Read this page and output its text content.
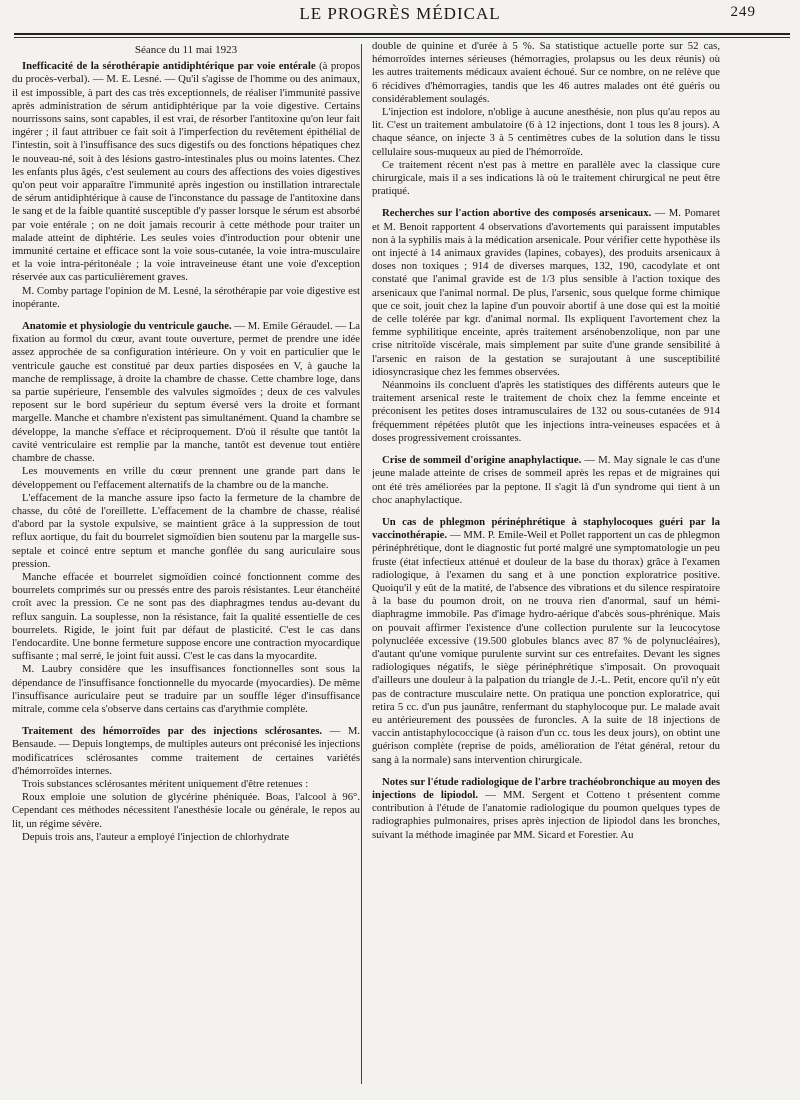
LE PROGRÈS MÉDICAL	249
Séance du 11 mai 1923

Inefficacité de la sérothérapie antidiphtérique par voie entérale (à propos du procès-verbal). — M. E. Lesné. — Qu'il s'agisse de l'homme ou des animaux, il est impossible, à part des cas très exceptionnels, de réaliser l'immunité passive après administration de sérum antidiphtérique par la voie digestive. Certains nourrissons sains, sont capables, il est vrai, de résorber l'antitoxine qu'on leur fait ingérer ; il faut attribuer ce fait soit à l'imperfection du revêtement épithélial de l'intestin, soit à l'insuffisance des sucs digestifs ou des fonctions hépatiques chez le nouveau-né, soit à des lésions gastro-intestinales plus ou moins latentes. Chez les enfants plus âgés, c'est seulement au cours des affections des voies digestives qu'on peut voir apparaître l'immunité après ingestion ou instillation intrarectale de sérum antidiphtérique à cause de l'inconstance du passage de l'antitoxine dans le sang et de la faible quantité susceptible d'y passer lorsque le sérum est absorbé par voie entérale ; on ne doit jamais recourir à cette méthode pour traiter un malade atteint de diphtérie. Les seules voies d'introduction pour obtenir une immunité certaine et efficace sont la voie sous-cutanée, la voie intra-musculaire et la voie intra-péritonéale ; la voie intraveineuse étant une voie d'exception réservée aux cas particulièrement graves.

M. Comby partage l'opinion de M. Lesné, la sérothérapie par voie digestive est inopérante.

Anatomie et physiologie du ventricule gauche. — M. Emile Géraudel. — La fixation au formol du cœur, avant toute ouverture, permet de prendre une idée assez approchée de sa configuration intérieure. On y voit en particulier que le ventricule gauche est constitué par deux parties disposées en V, à gauche la manche de remplissage, à droite la chambre de chasse. Cette chambre loge, dans sa partie supérieure, l'ensemble des valvules sigmoïdes ; deux de ces valvules reposent sur le bord supérieur du septum éversé vers la droite et formant margelle. Manche et chambre n'existent pas simultanément. Quand la chambre se développe, la manche s'efface et réciproquement. D'où il résulte que tantôt la cavité ventriculaire est remplie par la manche, tantôt est devenue tout entière chambre de chasse.

Les mouvements en vrille du cœur prennent une grande part dans le développement ou l'effacement alternatifs de la chambre ou de la manche.

L'effacement de la manche assure ipso facto la fermeture de la chambre de chasse, du côté de l'oreillette. L'effacement de la chambre de chasse, réalisé d'abord par la systole expulsive, se maintient grâce à la suppression de tout reflux aortique, du fait du bourrelet sigmoïdien bien soutenu par la margelle sus-septale et coincé entre septum et manche gonflée du sang auriculaire sous pression.

Manche effacée et bourrelet sigmoïdien coincé fonctionnent comme des bourrelets comprimés sur ou pressés entre des parois résistantes. Leur étanchéité croît avec la pression. Ce ne sont pas des diaphragmes tendus au-devant du reflux sanguin. La souplesse, non la résistance, fait la qualité essentielle de ces bourrelets. Rigide, le joint fuit par défaut de plasticité. C'est le cas dans l'endocardite. Une bonne fermeture suppose encore une contraction myocardique suffisante ; mal serré, le joint fuit aussi. C'est le cas dans la myocardite.

M. Laubry considère que les insuffisances fonctionnelles sont sous la dépendance de l'insuffisance fonctionnelle du myocarde (myocardies). De même l'insuffisance auriculaire peut se traduire par un souffle léger d'insuffisance mitrale, comme cela s'observe dans certains cas d'arythmie complète.

Traitement des hémorroïdes par des injections sclérosantes. — M. Bensaude. — Depuis longtemps, de multiples auteurs ont préconisé les injections modificatrices sclérosantes comme traitement de certaines variétés d'hémorroïdes internes.

Trois substances sclérosantes méritent uniquement d'être retenues :

Roux emploie une solution de glycérine phéniquée. Boas, l'alcool à 96°. Cependant ces méthodes nécessitent l'anesthésie locale ou générale, le repos au lit, un régime sévère.

Depuis trois ans, l'auteur a employé l'injection de chlorhydrate

double de quinine et d'urée à 5 %. Sa statistique actuelle porte sur 52 cas, hémorroïdes internes sérieuses (hémorragies, prolapsus ou les deux réunis) où les autres traitements médicaux avaient échoué. Sur ce nombre, on ne relève que 6 récidives d'hémorragies, tandis que les 46 autres malades ont été guéris ou considérablement soulagés.

L'injection est indolore, n'oblige à aucune anesthésie, non plus qu'au repos au lit. C'est un traitement ambulatoire (6 à 12 injections, dont 1 tous les 8 jours). A chaque séance, on injecte 3 à 5 centimètres cubes de la solution dans le tissu cellulaire sous-muqueux au pied de l'hémorroïde.

Ce traitement récent n'est pas à mettre en parallèle avec la classique cure chirurgicale, mais il a ses indications là où le traitement chirurgical ne peut être pratiqué.

Recherches sur l'action abortive des composés arsenicaux. — M. Pomaret et M. Benoit rapportent 4 observations d'avortements qui paraissent imputables non à la syphilis mais à la médication arsenicale. Pour vérifier cette hypothèse ils ont injecté à 14 animaux gravides (lapines, cobayes), des produits arsenicaux à doses non toxiques ; 914 de diverses marques, 132, 190, cacodylate et ont constaté que l'animal gravide est de 1/3 plus sensible à l'action toxique des arsenicaux que l'animal normal. De plus, l'arsenic, sous quelque forme chimique que ce soit, jouit chez la lapine d'un pouvoir abortif à une dose qui est la moitié de celle tolérée par kgr. d'animal normal. Ils expliquent l'avortement chez la femme syphilitique enceinte, après traitement arsénobenzolique, non par une crise nitritoïde viscérale, mais simplement par suite d'une grande sensibilité à l'arsenic en raison de la gestation se surajoutant à une susceptibilité idiosyncrasique chez les femmes observées.

Néanmoins ils concluent d'après les statistiques des différents auteurs que le traitement arsenical reste le traitement de choix chez la femme enceinte et préconisent les petites doses intramusculaires de 132 ou sous-cutanées de 914 fréquemment répétées plutôt que les injections intra-veineuses espacées et à doses progressivement croissantes.

Crise de sommeil d'origine anaphylactique. — M. May signale le cas d'une jeune malade atteinte de crises de sommeil après les repas et de migraines qui ont été très améliorées par la peptone. Il s'agit là d'un syndrome qui tient à un choc anaphylactique.

Un cas de phlegmon périnéphrétique à staphylocoques guéri par la vaccinothérapie. — MM. P. Emile-Weil et Pollet rapportent un cas de phlegmon périnéphrétique, dont le diagnostic fut porté malgré une symptomatologie un peu fruste (état infectieux atténué et douleur de la base du thorax) grâce à l'examen radiologique, à l'examen du sang et à une ponction exploratrice positive. Quoiqu'il y eût de la matité, de l'absence des vibrations et du silence respiratoire à la base du poumon droit, on ne trouva rien d'anormal, sauf un hémi-diaphragme immobile. Pas d'image hydro-aérique d'abcès sous-phrénique. Mais on pouvait affirmer l'existence d'une collection purulente sur la leucocytose polynucléée excessive (19.500 globules blancs avec 87 % de polynucléaires), d'autant qu'une vomique purulente survint sur ces entrefaites. Devant les signes radiologiques négatifs, le siège périnéphrétique s'imposait. On provoquait d'ailleurs une douleur à la palpation du triangle de J.-L. Petit, encore qu'il n'y eût pas de contracture musculaire nette. On pratiqua une ponction exploratrice, qui retira 5 cc. d'un pus jaunâtre, renfermant du staphylocoque pur. Le malade avait eu antérieurement des poussées de furoncles. A la suite de 18 injections de vaccin antistaphylococcique (à raison d'un cc. tous les deux jours), on obtint une guérison complète (reprise de poids, amélioration de l'état général, retour du sang à la normale) sans intervention chirurgicale.

Notes sur l'étude radiologique de l'arbre trachéobronchique au moyen des injections de lipiodol. — MM. Sergent et Cotteno t présentent comme contribution à l'étude de l'anatomie radiologique du poumon quelques types de radiographies pulmonaires, prises après injection de lipiodol dans les bronches, suivant la méthode imaginée par MM. Sicard et Forestier. Au
